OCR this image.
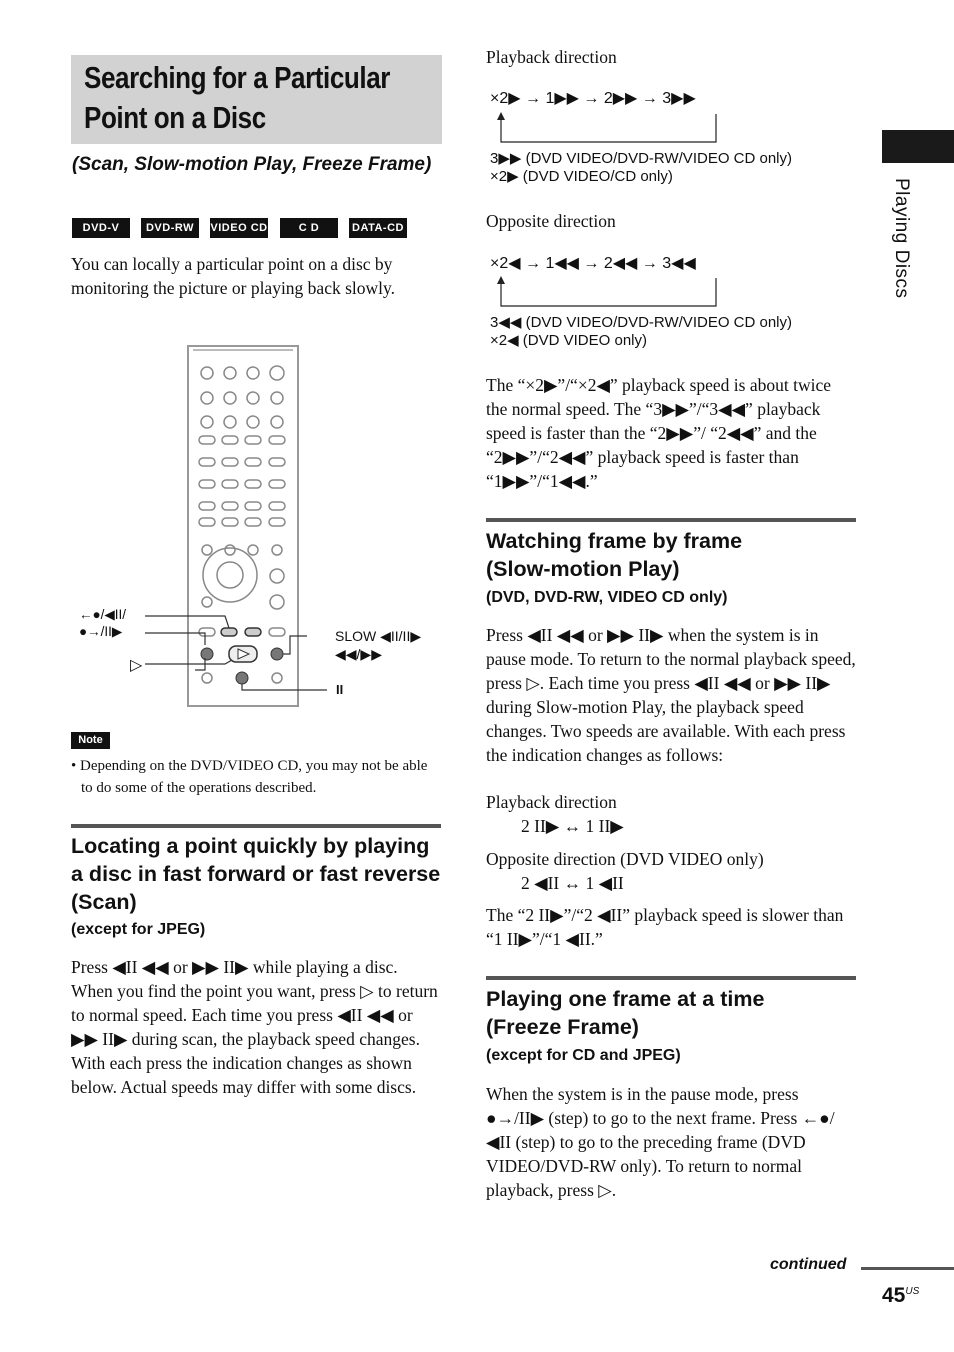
Searching for a Particular
Point on a Disc
(Scan, Slow-motion Play, Freeze Frame)
DVD-V	DVD-RW	VIDEO CD	C D	DATA-CD
You can locally a particular point on a disc by monitoring the picture or playing back slowly.
←●/◀II/
●→/II▶
▷
SLOW ◀II/II▶
◀◀/▶▶
II
Note
• Depending on the DVD/VIDEO CD, you may not be able to do some of the operations described.
Locating a point quickly by playing a disc in fast forward or fast reverse (Scan)
(except for JPEG)
Press ◀II ◀◀ or ▶▶ II▶ while playing a disc. When you find the point you want, press ▷ to return to normal speed. Each time you press ◀II ◀◀ or ▶▶ II▶ during scan, the playback speed changes. With each press the indication changes as shown below. Actual speeds may differ with some discs.
Playback direction
×2▶ → 1▶▶ → 2▶▶ → 3▶▶
3▶▶ (DVD VIDEO/DVD-RW/VIDEO CD only)
×2▶ (DVD VIDEO/CD only)
Opposite direction
×2◀ → 1◀◀ → 2◀◀ → 3◀◀
3◀◀ (DVD VIDEO/DVD-RW/VIDEO CD only)
×2◀ (DVD VIDEO only)
The “×2▶”/“×2◀” playback speed is about twice the normal speed. The “3▶▶”/“3◀◀” playback speed is faster than the “2▶▶”/ “2◀◀” and the “2▶▶”/“2◀◀” playback speed is faster than “1▶▶”/“1◀◀.”
Watching frame by frame
(Slow-motion Play)
(DVD, DVD-RW, VIDEO CD only)
Press ◀II ◀◀ or ▶▶ II▶ when the system is in pause mode. To return to the normal playback speed, press ▷. Each time you press ◀II ◀◀ or ▶▶ II▶ during Slow-motion Play, the playback speed changes. Two speeds are available. With each press the indication changes as follows:
Playback direction
2 II▶ ↔ 1 II▶
Opposite direction (DVD VIDEO only)
2 ◀II ↔ 1 ◀II
The “2 II▶”/“2 ◀II” playback speed is slower than “1 II▶”/“1 ◀II.”
Playing one frame at a time
(Freeze Frame)
(except for CD and JPEG)
When the system is in the pause mode, press ●→/II▶ (step) to go to the next frame. Press ←●/◀II (step) to go to the preceding frame (DVD VIDEO/DVD-RW only). To return to normal playback, press ▷.
Playing Discs
continued
$45^{US}$
